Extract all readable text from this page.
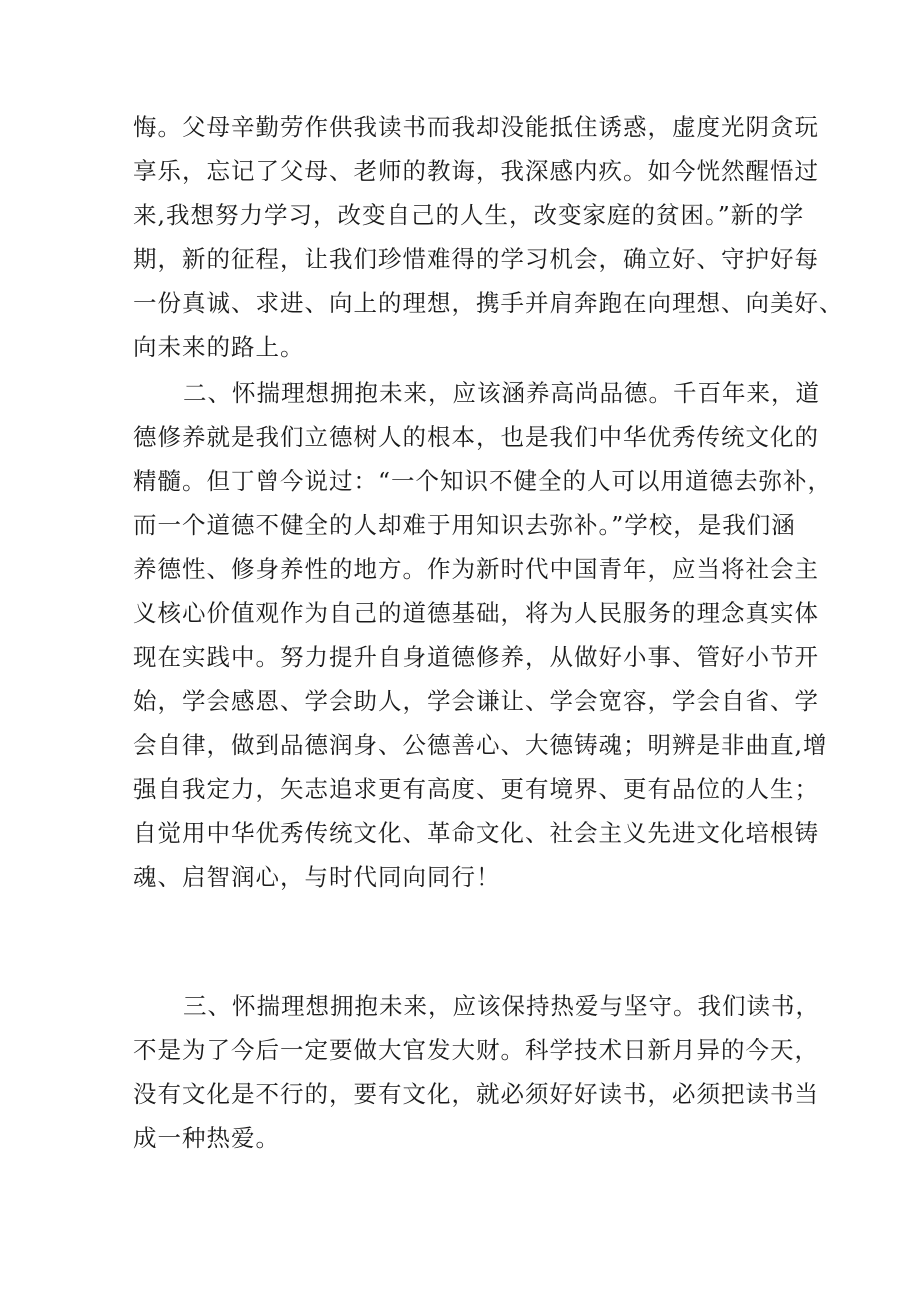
悔。父母辛勤劳作供我读书而我却没能抵住诱惑，虚度光阴贪玩
享乐，忘记了父母、老师的教诲，我深感内疚。如今恍然醒悟过
来,我想努力学习，改变自己的人生，改变家庭的贫困。”新的学
期，新的征程，让我们珍惜难得的学习机会，确立好、守护好每
一份真诚、求进、向上的理想，携手并肩奔跑在向理想、向美好、
向未来的路上。
二、怀揣理想拥抱未来，应该涵养高尚品德。千百年来，道
德修养就是我们立德树人的根本，也是我们中华优秀传统文化的
精髓。但丁曾今说过：“一个知识不健全的人可以用道德去弥补，
而一个道德不健全的人却难于用知识去弥补。”学校，是我们涵
养德性、修身养性的地方。作为新时代中国青年，应当将社会主
义核心价值观作为自己的道德基础，将为人民服务的理念真实体
现在实践中。努力提升自身道德修养，从做好小事、管好小节开
始，学会感恩、学会助人，学会谦让、学会宽容，学会自省、学
会自律，做到品德润身、公德善心、大德铸魂；明辨是非曲直,增
强自我定力，矢志追求更有高度、更有境界、更有品位的人生；
自觉用中华优秀传统文化、革命文化、社会主义先进文化培根铸
魂、启智润心，与时代同向同行！
三、怀揣理想拥抱未来，应该保持热爱与坚守。我们读书，
不是为了今后一定要做大官发大财。科学技术日新月异的今天，
没有文化是不行的，要有文化，就必须好好读书，必须把读书当
成一种热爱。
